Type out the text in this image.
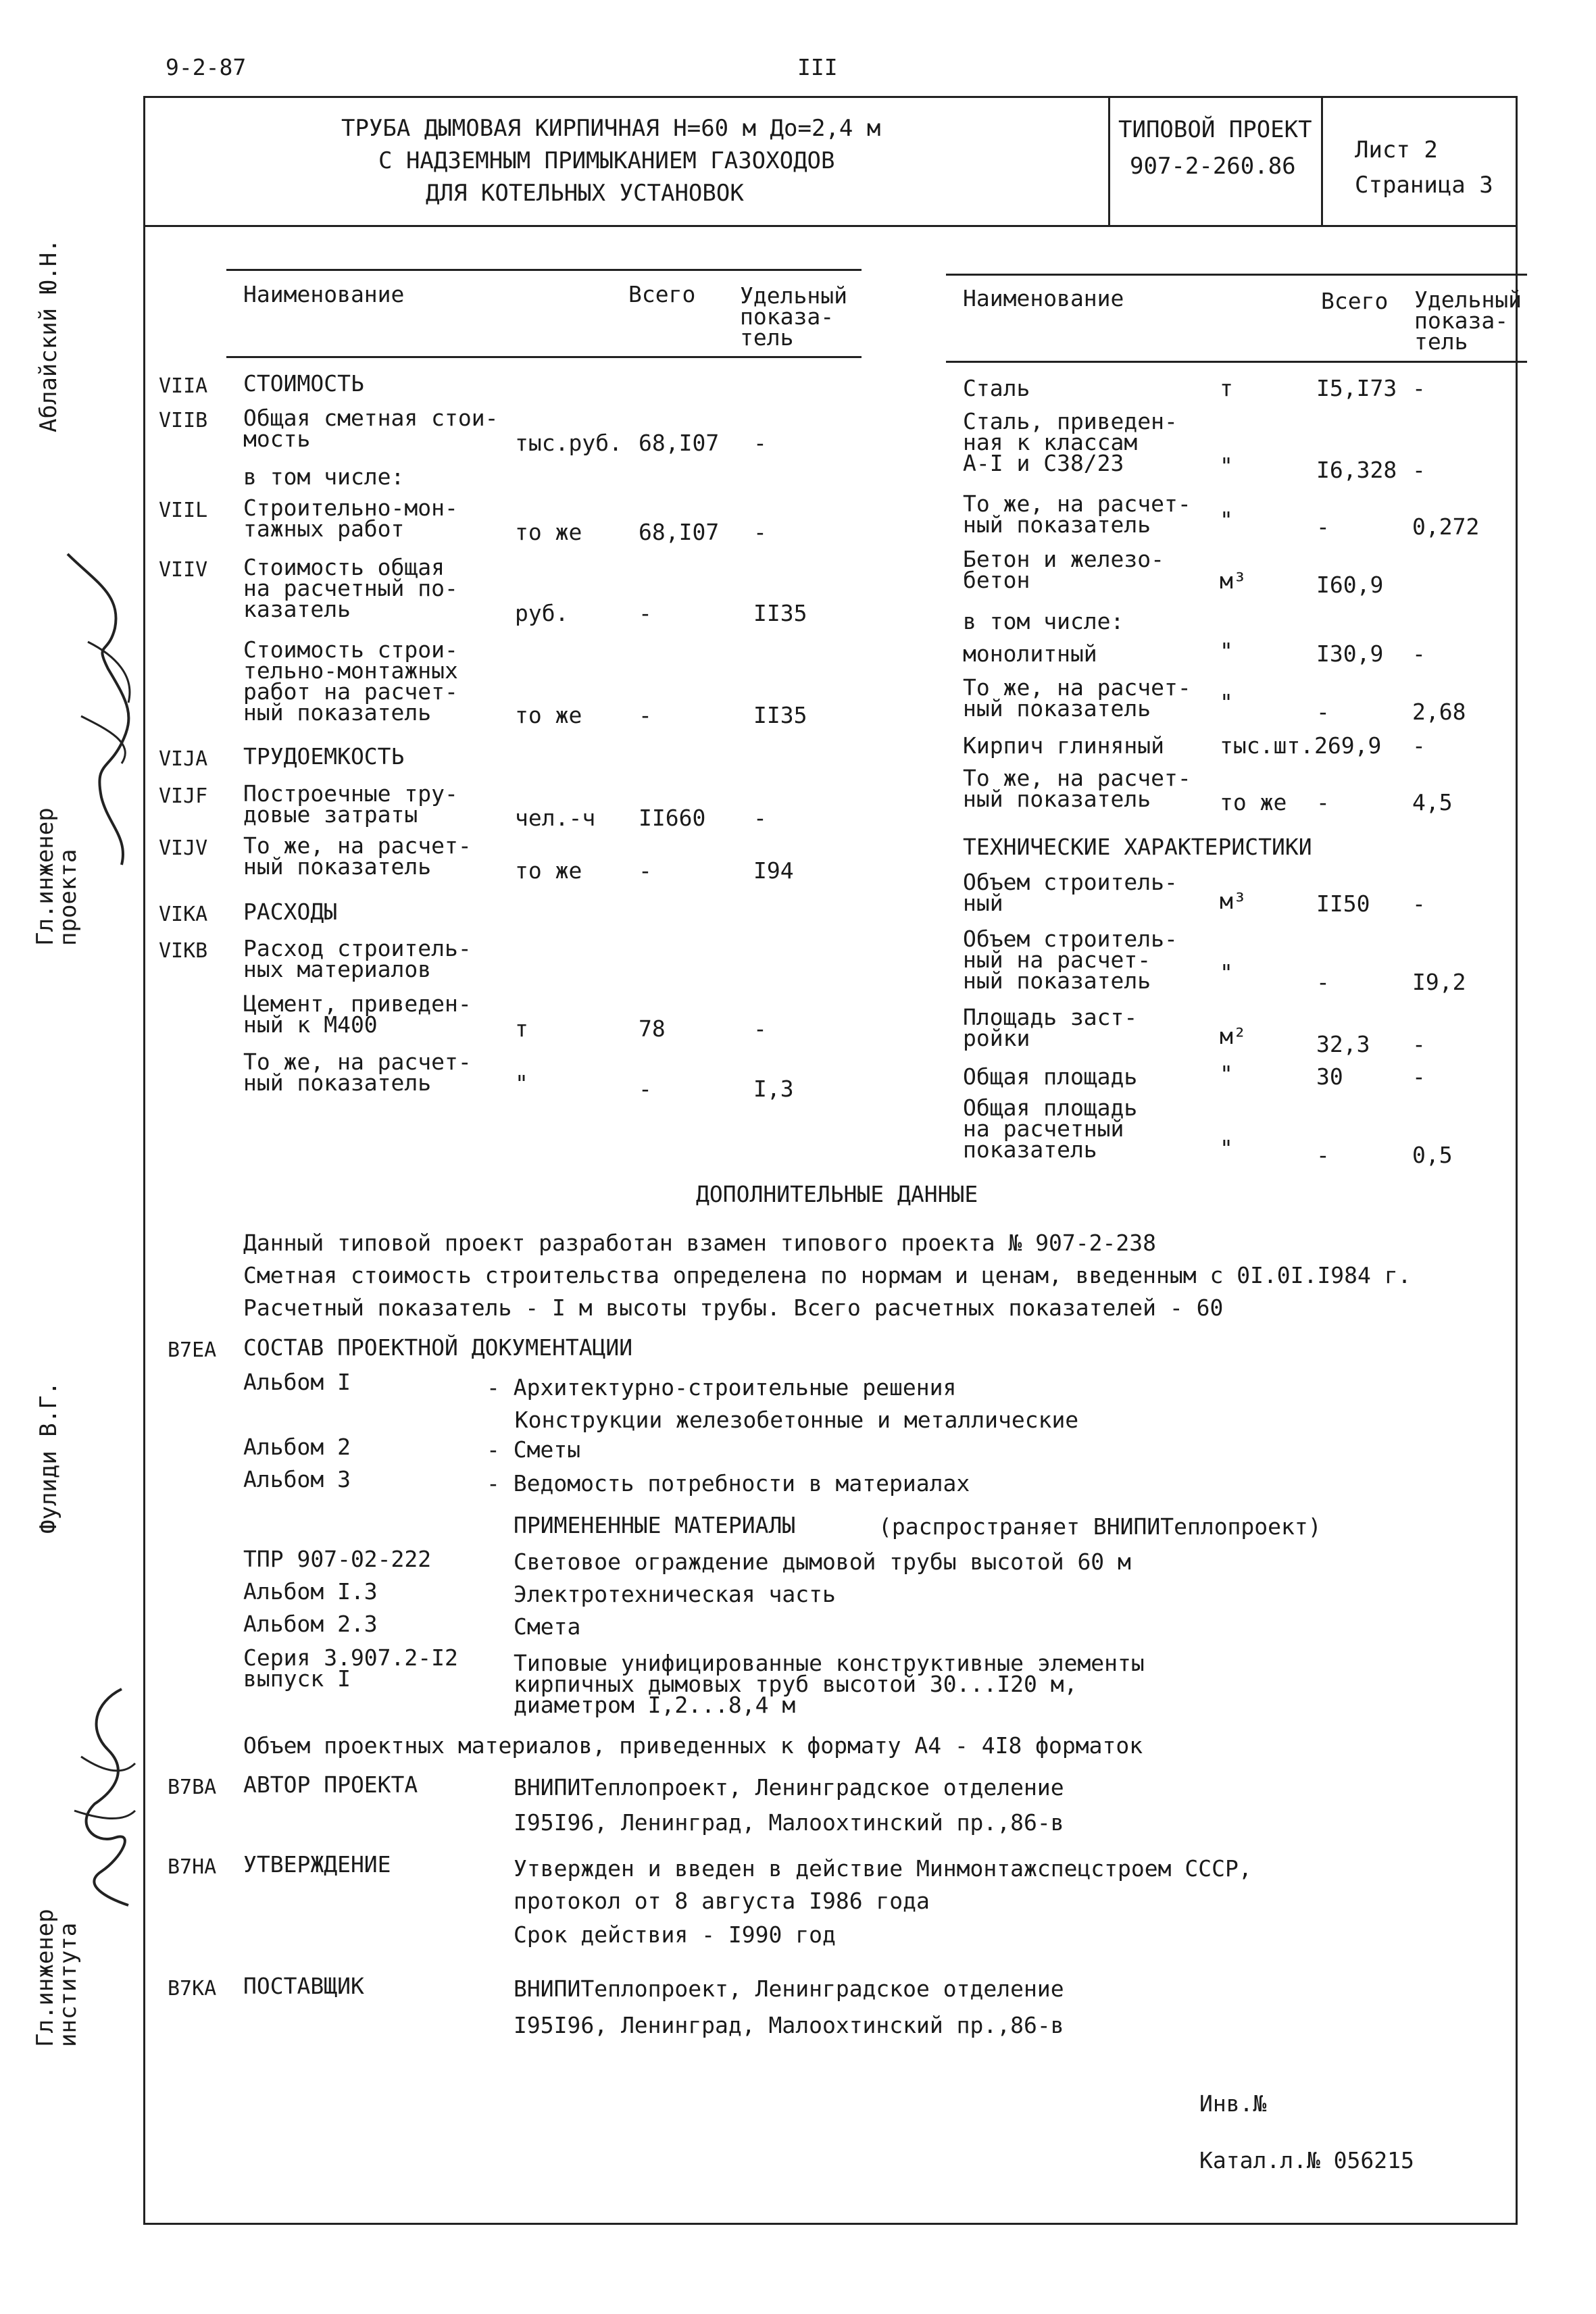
9-2-87	III
ТРУБА ДЫМОВАЯ КИРПИЧНАЯ Н=60 м До=2,4 м
С НАДЗЕМНЫМ ПРИМЫКАНИЕМ ГАЗОХОДОВ
ДЛЯ КОТЕЛЬНЫХ УСТАНОВОК
ТИПОВОЙ ПРОЕКТ
907-2-260.86
Лист 2
Страница 3
Аблайский Ю.Н.
Гл.инженер
проекта
Фулиди В.Г.
Гл.инженер
института
Наименование	Всего Удельный
показа-
тель
VIIA СТОИМОСТЬ
VIIB Общая сметная стои-
мость	тыс.руб. 68,I07 -
в том числе:
VIIL Строительно-мон-
тажных работ	то же	68,I07 -
VIIV Стоимость общая
на расчетный по-
казатель	руб.	-	II35
Стоимость строи-
тельно-монтажных
работ на расчет-
ный показатель	то же	-	II35
VIJA ТРУДОЕМКОСТЬ
VIJF Построечные тру-
довые затраты	чел.-ч II660 -
VIJV То же, на расчет-
ный показатель	то же	-	I94
VIKA РАСХОДЫ
VIKB Расход строитель-
ных материалов
Цемент, приведен-
ный к М400	т	78	-
То же, на расчет-
ный показатель	"	-	I,3
Наименование	Всего Удельный
показа-
тель
Сталь	т	I5,I73 -
Сталь, приведен-
ная к классам
А-I и С38/23	"	I6,328 -
То же, на расчет-
ный показатель	"	-	0,272
Бетон и железо-
бетон	м³	I60,9
в том числе:
монолитный	"	I30,9 -
То же, на расчет-
ный показатель	"	-	2,68
Кирпич глиняный тыс.шт. 269,9 -
То же, на расчет-
ный показатель	то же -	4,5
ТЕХНИЧЕСКИЕ ХАРАКТЕРИСТИКИ
Объем строитель-
ный	м³	II50 -
Объем строитель-
ный на расчет-
ный показатель	"	-	I9,2
Площадь заст-
ройки	м²	32,3 -
Общая площадь	"	30	-
Общая площадь
на расчетный
показатель	"	-	0,5
ДОПОЛНИТЕЛЬНЫЕ ДАННЫЕ
Данный типовой проект разработан взамен типового проекта № 907-2-238
Сметная стоимость строительства определена по нормам и ценам, введенным с 0I.0I.I984 г.
Расчетный показатель - I м высоты трубы. Всего расчетных показателей - 60
B7EA СОСТАВ ПРОЕКТНОЙ ДОКУМЕНТАЦИИ
Альбом I	- Архитектурно-строительные решения
Конструкции железобетонные и металлические
Альбом 2	- Сметы
Альбом 3	- Ведомость потребности в материалах
ПРИМЕНЕННЫЕ МАТЕРИАЛЫ	(распространяет ВНИПИТеплопроект)
ТПР 907-02-222	Световое ограждение дымовой трубы высотой 60 м
Альбом I.3	Электротехническая часть
Альбом 2.3	Смета
Серия 3.907.2-I2
выпуск I
Типовые унифицированные конструктивные элементы
кирпичных дымовых труб высотой 30...I20 м,
диаметром I,2...8,4 м
Объем проектных материалов, приведенных к формату А4 - 4I8 форматок
B7BA АВТОР ПРОЕКТА	ВНИПИТеплопроект, Ленинградское отделение
I95I96, Ленинград, Малоохтинский пр.,86-в
B7HA УТВЕРЖДЕНИЕ	Утвержден и введен в действие Минмонтажспецстроем СССР,
протокол от 8 августа I986 года
Срок действия - I990 год
B7KA ПОСТАВЩИК	ВНИПИТеплопроект, Ленинградское отделение
I95I96, Ленинград, Малоохтинский пр.,86-в
Инв.№
Катал.л.№ 056215
